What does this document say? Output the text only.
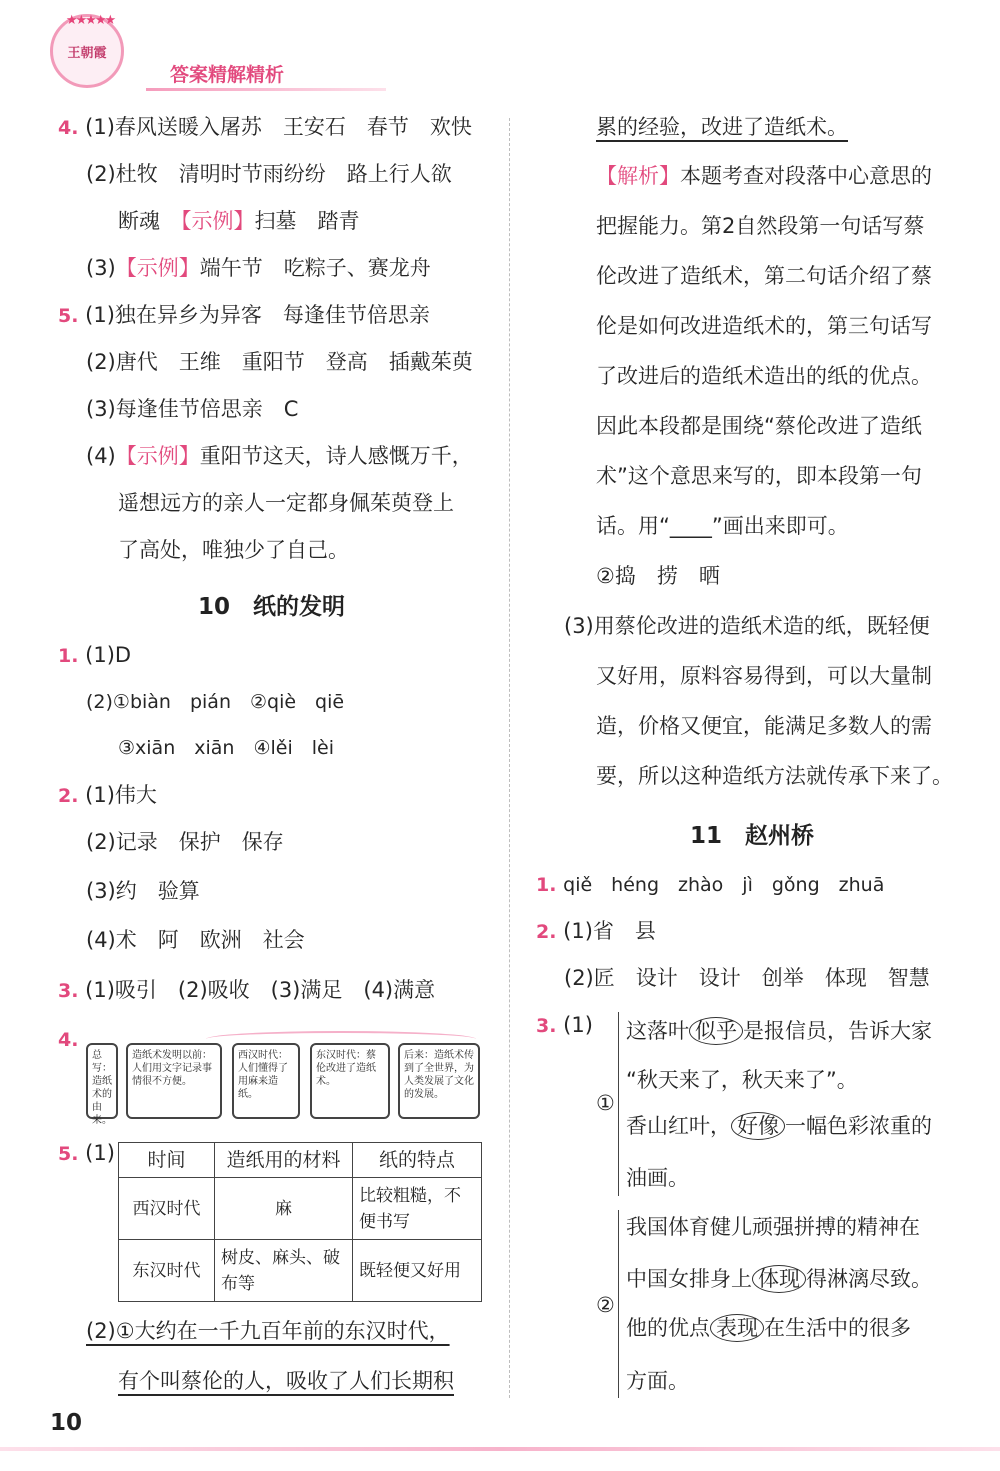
★★★★★
王朝霞
答案精解精析
4. (1)春风送暖入屠苏　王安石　春节　欢快
(2)杜牧　清明时节雨纷纷　路上行人欲
断魂　【示例】扫墓　踏青
(3)【示例】端午节　吃粽子、赛龙舟
5. (1)独在异乡为异客　每逢佳节倍思亲
(2)唐代　王维　重阳节　登高　插戴茱萸
(3)每逢佳节倍思亲　C
(4)【示例】重阳节这天，诗人感慨万千，
遥想远方的亲人一定都身佩茱萸登上
了高处，唯独少了自己。
10　纸的发明
1. (1)D
(2)①biàn　pián　②qiè　qiē
③xiān　xiān　④lěi　lèi
2. (1)伟大
(2)记录　保护　保存
(3)约　验算
(4)术　阿　欧洲　社会
3. (1)吸引　(2)吸收　(3)满足　(4)满意
4.
总写：造纸术的由来。
造纸术发明以前：人们用文字记录事情很不方便。
西汉时代：人们懂得了用麻来造纸。
东汉时代：蔡伦改进了造纸术。
后来：造纸术传到了全世界，为人类发展了文化的发展。
5. (1) 时间	造纸用的材料	纸的特点
西汉时代	麻	比较粗糙，不便书写
东汉时代	树皮、麻头、破布等	既轻便又好用
(2)①大约在一千九百年前的东汉时代，
有个叫蔡伦的人，吸收了人们长期积
累的经验，改进了造纸术。
【解析】本题考查对段落中心意思的
把握能力。第2自然段第一句话写蔡
伦改进了造纸术，第二句话介绍了蔡
伦是如何改进造纸术的，第三句话写
了改进后的造纸术造出的纸的优点。
因此本段都是围绕“蔡伦改进了造纸
术”这个意思来写的，即本段第一句
话。用“____”画出来即可。
②捣　捞　晒
(3)用蔡伦改进的造纸术造的纸，既轻便
又好用，原料容易得到，可以大量制
造，价格又便宜，能满足多数人的需
要，所以这种造纸方法就传承下来了。
11　赵州桥
1. qiě　héng　zhào　jì　gǒng　zhuā
2. (1)省　县
(2)匠　设计　设计　创举　体现　智慧
3. (1)
①
这落叶 似乎 是报信员，告诉大家
“秋天来了，秋天来了”。
香山红叶， 好像 一幅色彩浓重的
油画。
②
我国体育健儿顽强拼搏的精神在
中国女排身上 体现 得淋漓尽致。
他的优点 表现 在生活中的很多
方面。
10
